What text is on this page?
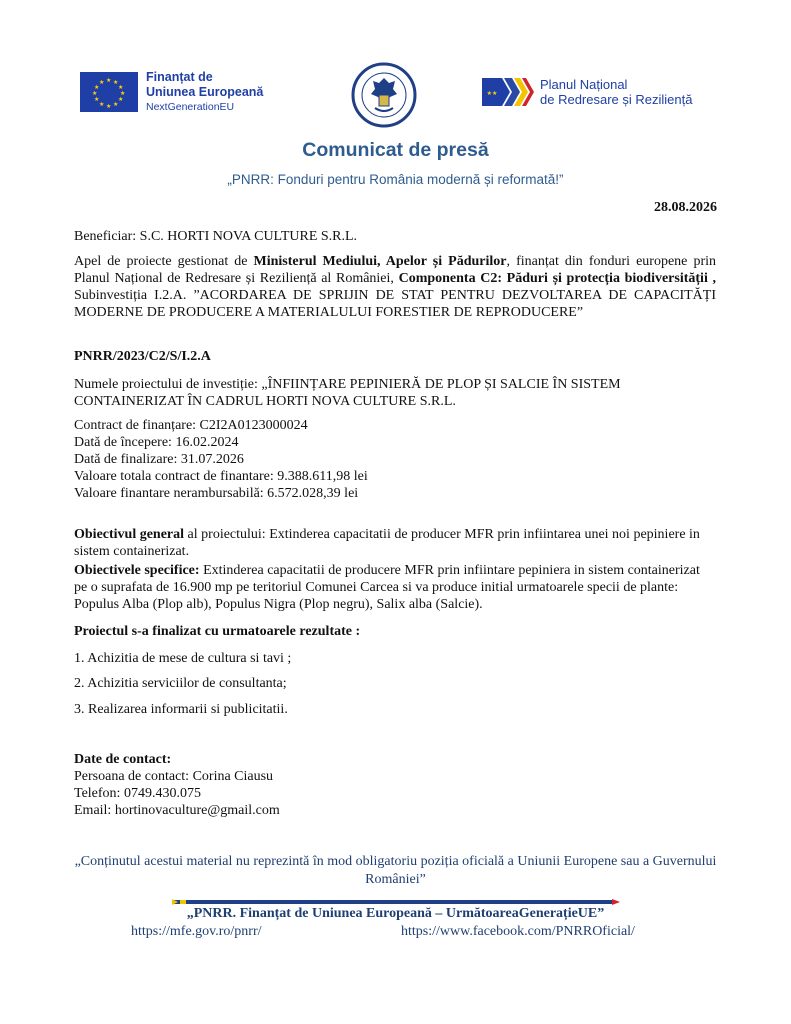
★ ★
★
★
★
★
★
★
★
★
★
★	Finanțat de
Uniunea Europeană
NextGenerationEU
★★
Planul Național
de Redresare și Reziliență
Comunicat de presă
„PNRR: Fonduri pentru România modernă și reformată!”
28.08.2026
Beneficiar: S.C. HORTI NOVA CULTURE S.R.L.
Apel de proiecte gestionat de Ministerul Mediului, Apelor și Pădurilor, finanțat din fonduri europene prin Planul Național de Redresare și Reziliență al României, Componenta C2: Păduri și protecția biodiversității , Subinvestiția I.2.A. ”ACORDAREA DE SPRIJIN DE STAT PENTRU DEZVOLTAREA DE CAPACITĂȚI MODERNE DE PRODUCERE A MATERIALULUI FORESTIER DE REPRODUCERE”
PNRR/2023/C2/S/I.2.A
Numele proiectului de investiție: „ÎNFIINȚARE PEPINIERĂ DE PLOP ȘI SALCIE ÎN SISTEM CONTAINERIZAT ÎN CADRUL HORTI NOVA CULTURE S.R.L.
Contract de finanțare: C2I2A0123000024
Dată de începere: 16.02.2024
Dată de finalizare: 31.07.2026
Valoare totala contract de finantare: 9.388.611,98 lei
Valoare finantare nerambursabilă: 6.572.028,39 lei
Obiectivul general al proiectului: Extinderea capacitatii de producer MFR prin infiintarea unei noi pepiniere in sistem containerizat.
Obiectivele specifice: Extinderea capacitatii de producere MFR prin infiintare pepiniera in sistem containerizat pe o suprafata de 16.900 mp pe teritoriul Comunei Carcea si va produce initial urmatoarele specii de plante: Populus Alba (Plop alb), Populus Nigra (Plop negru), Salix alba (Salcie).
Proiectul s-a finalizat cu urmatoarele rezultate :
1. Achizitia de mese de cultura si tavi ;
2. Achizitia serviciilor de consultanta;
3. Realizarea informarii si publicitatii.
Date de contact:
Persoana de contact: Corina Ciausu
Telefon: 0749.430.075
Email: hortinovaculture@gmail.com
„Conținutul acestui material nu reprezintă în mod obligatoriu poziția oficială a Uniunii Europene sau a Guvernului României”
„PNRR. Finanțat de Uniunea Europeană – UrmătoareaGenerațieUE”
https://mfe.gov.ro/pnrr/	https://www.facebook.com/PNRROficial/
